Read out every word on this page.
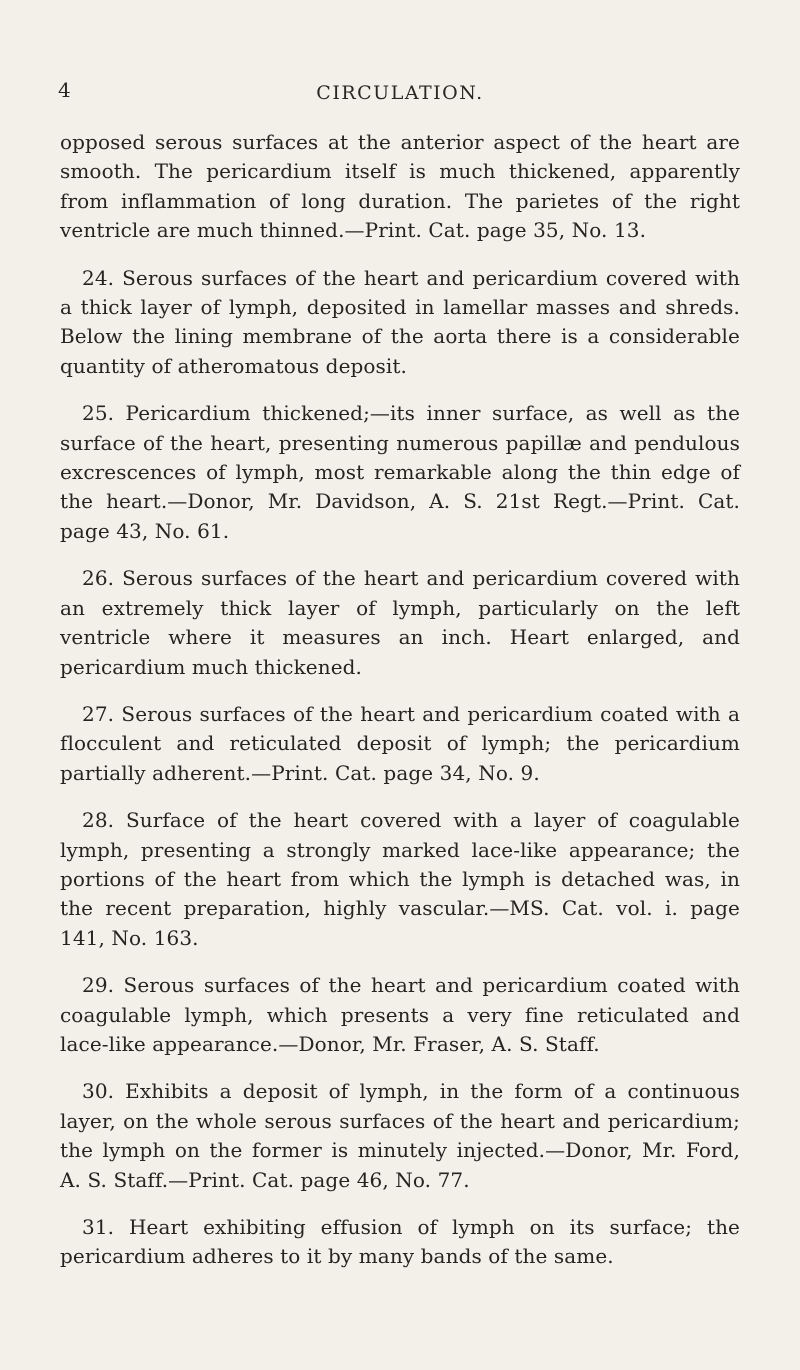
4	CIRCULATION.

opposed serous surfaces at the anterior aspect of the heart are smooth. The pericardium itself is much thickened, apparently from inflammation of long duration. The parietes of the right ventricle are much thinned.—Print. Cat. page 35, No. 13.

24. Serous surfaces of the heart and pericardium covered with a thick layer of lymph, deposited in lamellar masses and shreds. Below the lining membrane of the aorta there is a considerable quantity of atheromatous deposit.

25. Pericardium thickened;—its inner surface, as well as the surface of the heart, presenting numerous papillæ and pendulous excrescences of lymph, most remarkable along the thin edge of the heart.—Donor, Mr. Davidson, A. S. 21st Regt.—Print. Cat. page 43, No. 61.

26. Serous surfaces of the heart and pericardium covered with an extremely thick layer of lymph, particularly on the left ventricle where it measures an inch. Heart enlarged, and pericardium much thickened.

27. Serous surfaces of the heart and pericardium coated with a flocculent and reticulated deposit of lymph; the pericardium partially adherent.—Print. Cat. page 34, No. 9.

28. Surface of the heart covered with a layer of coagulable lymph, presenting a strongly marked lace-like appearance; the portions of the heart from which the lymph is detached was, in the recent preparation, highly vascular.—MS. Cat. vol. i. page 141, No. 163.

29. Serous surfaces of the heart and pericardium coated with coagulable lymph, which presents a very fine reticulated and lace-like appearance.—Donor, Mr. Fraser, A. S. Staff.

30. Exhibits a deposit of lymph, in the form of a continuous layer, on the whole serous surfaces of the heart and pericardium; the lymph on the former is minutely injected.—Donor, Mr. Ford, A. S. Staff.—Print. Cat. page 46, No. 77.

31. Heart exhibiting effusion of lymph on its surface; the pericardium adheres to it by many bands of the same.
